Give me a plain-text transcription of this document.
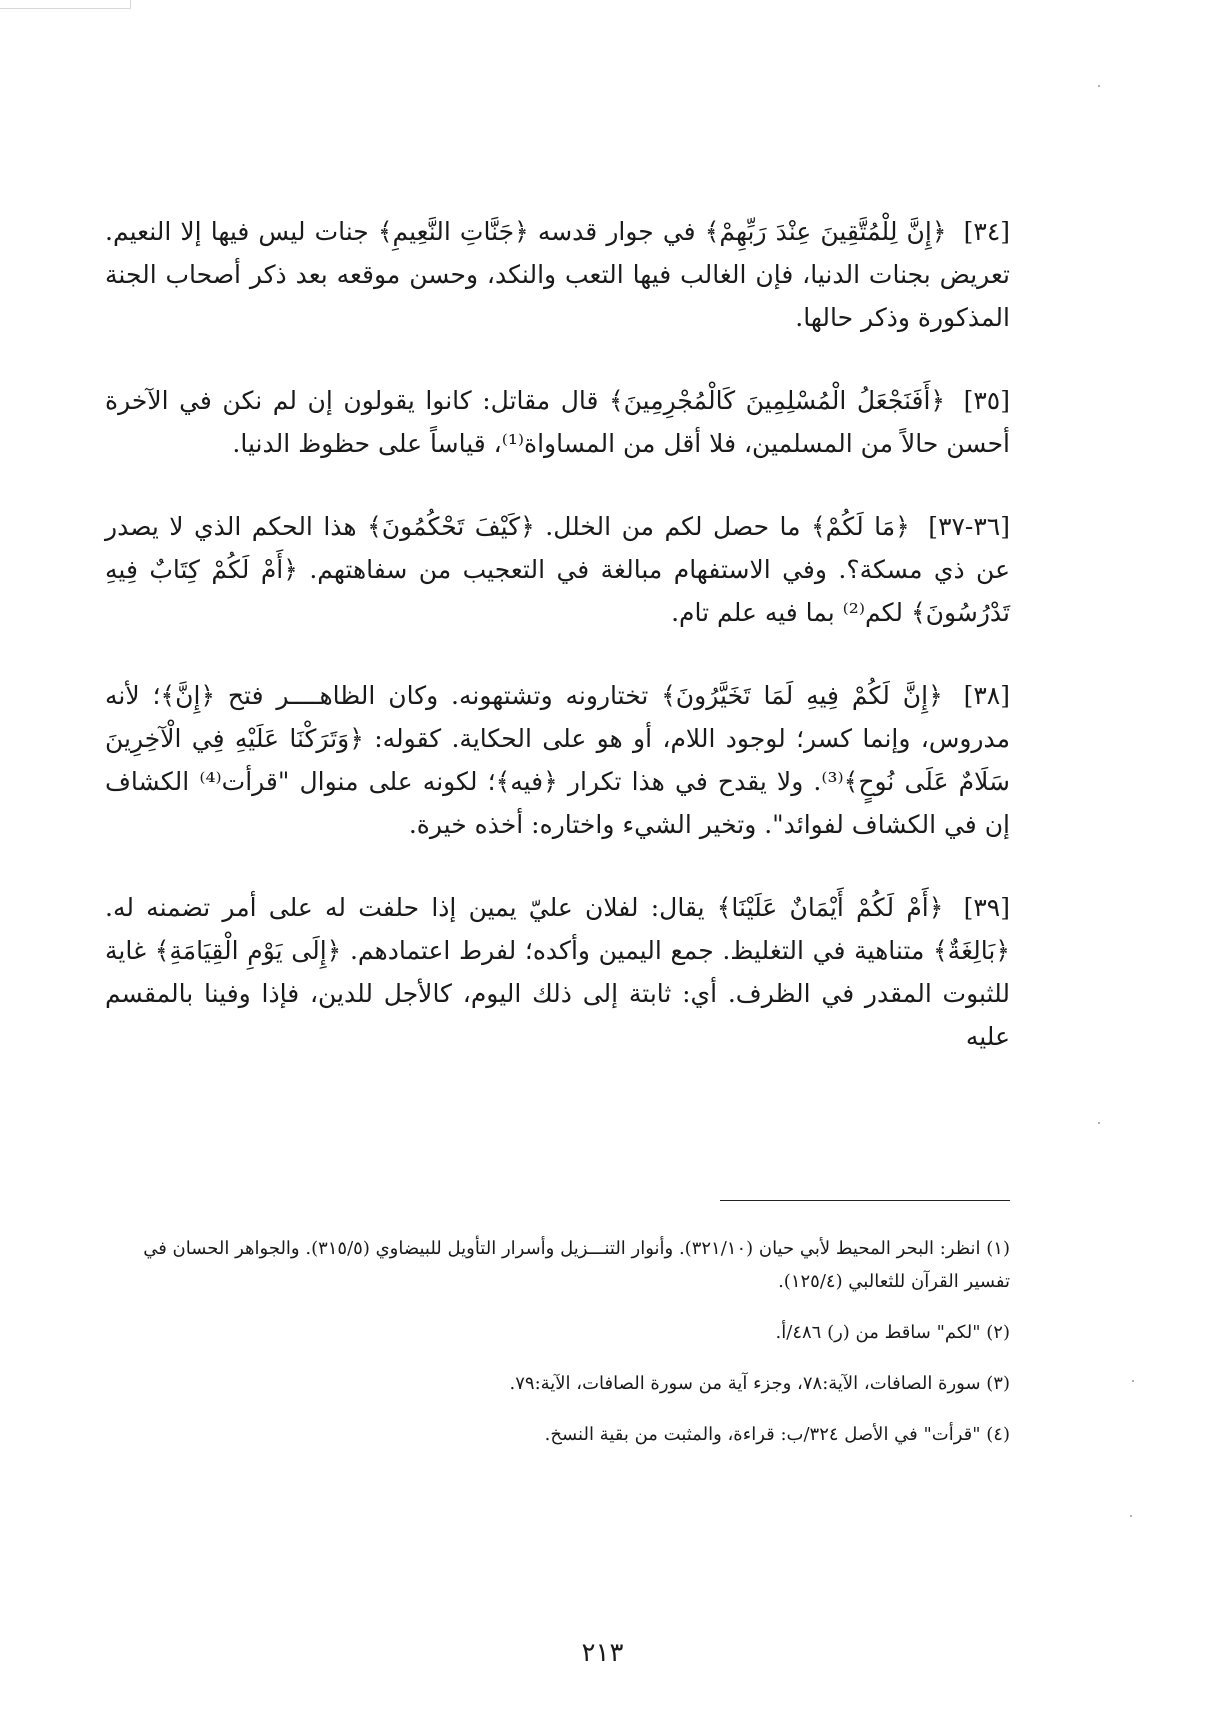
[٣٤] ﴿إِنَّ لِلْمُتَّقِينَ عِنْدَ رَبِّهِمْ﴾ في جوار قدسه ﴿جَنَّاتِ النَّعِيمِ﴾ جنات ليس فيها إلا النعيم. تعريض بجنات الدنيا، فإن الغالب فيها التعب والنكد، وحسن موقعه بعد ذكر أصحاب الجنة المذكورة وذكر حالها.

[٣٥] ﴿أَفَنَجْعَلُ الْمُسْلِمِينَ كَالْمُجْرِمِينَ﴾ قال مقاتل: كانوا يقولون إن لم نكن في الآخرة أحسن حالاً من المسلمين، فلا أقل من المساواة⁽¹⁾، قياساً على حظوظ الدنيا.

[٣٦-٣٧] ﴿مَا لَكُمْ﴾ ما حصل لكم من الخلل. ﴿كَيْفَ تَحْكُمُونَ﴾ هذا الحكم الذي لا يصدر عن ذي مسكة؟. وفي الاستفهام مبالغة في التعجيب من سفاهتهم. ﴿أَمْ لَكُمْ كِتَابٌ فِيهِ تَدْرُسُونَ﴾ لكم⁽²⁾ بما فيه علم تام.

[٣٨] ﴿إِنَّ لَكُمْ فِيهِ لَمَا تَخَيَّرُونَ﴾ تختارونه وتشتهونه. وكان الظاهــــر فتح ﴿إِنَّ﴾؛ لأنه مدروس، وإنما كسر؛ لوجود اللام، أو هو على الحكاية. كقوله: ﴿وَتَرَكْنَا عَلَيْهِ فِي الْآخِرِينَ سَلَامٌ عَلَى نُوحٍ﴾⁽³⁾. ولا يقدح في هذا تكرار ﴿فيه﴾؛ لكونه على منوال "قرأت⁽⁴⁾ الكشاف إن في الكشاف لفوائد". وتخير الشيء واختاره: أخذه خيرة.

[٣٩] ﴿أَمْ لَكُمْ أَيْمَانٌ عَلَيْنَا﴾ يقال: لفلان عليّ يمين إذا حلفت له على أمر تضمنه له. ﴿بَالِغَةٌ﴾ متناهية في التغليظ. جمع اليمين وأكده؛ لفرط اعتمادهم. ﴿إِلَى يَوْمِ الْقِيَامَةِ﴾ غاية للثبوت المقدر في الظرف. أي: ثابتة إلى ذلك اليوم، كالأجل للدين، فإذا وفينا بالمقسم عليه

(١) انظر: البحر المحيط لأبي حيان (٣٢١/١٠). وأنوار التنـــزيل وأسرار التأويل للبيضاوي (٣١٥/٥). والجواهر الحسان في تفسير القرآن للثعالبي (١٢٥/٤).

(٢) "لكم" ساقط من (ر) ٤٨٦/أ.

(٣) سورة الصافات، الآية:٧٨، وجزء آية من سورة الصافات، الآية:٧٩.

(٤) "قرأت" في الأصل ٣٢٤/ب: قراءة، والمثبت من بقية النسخ.

٢١٣
